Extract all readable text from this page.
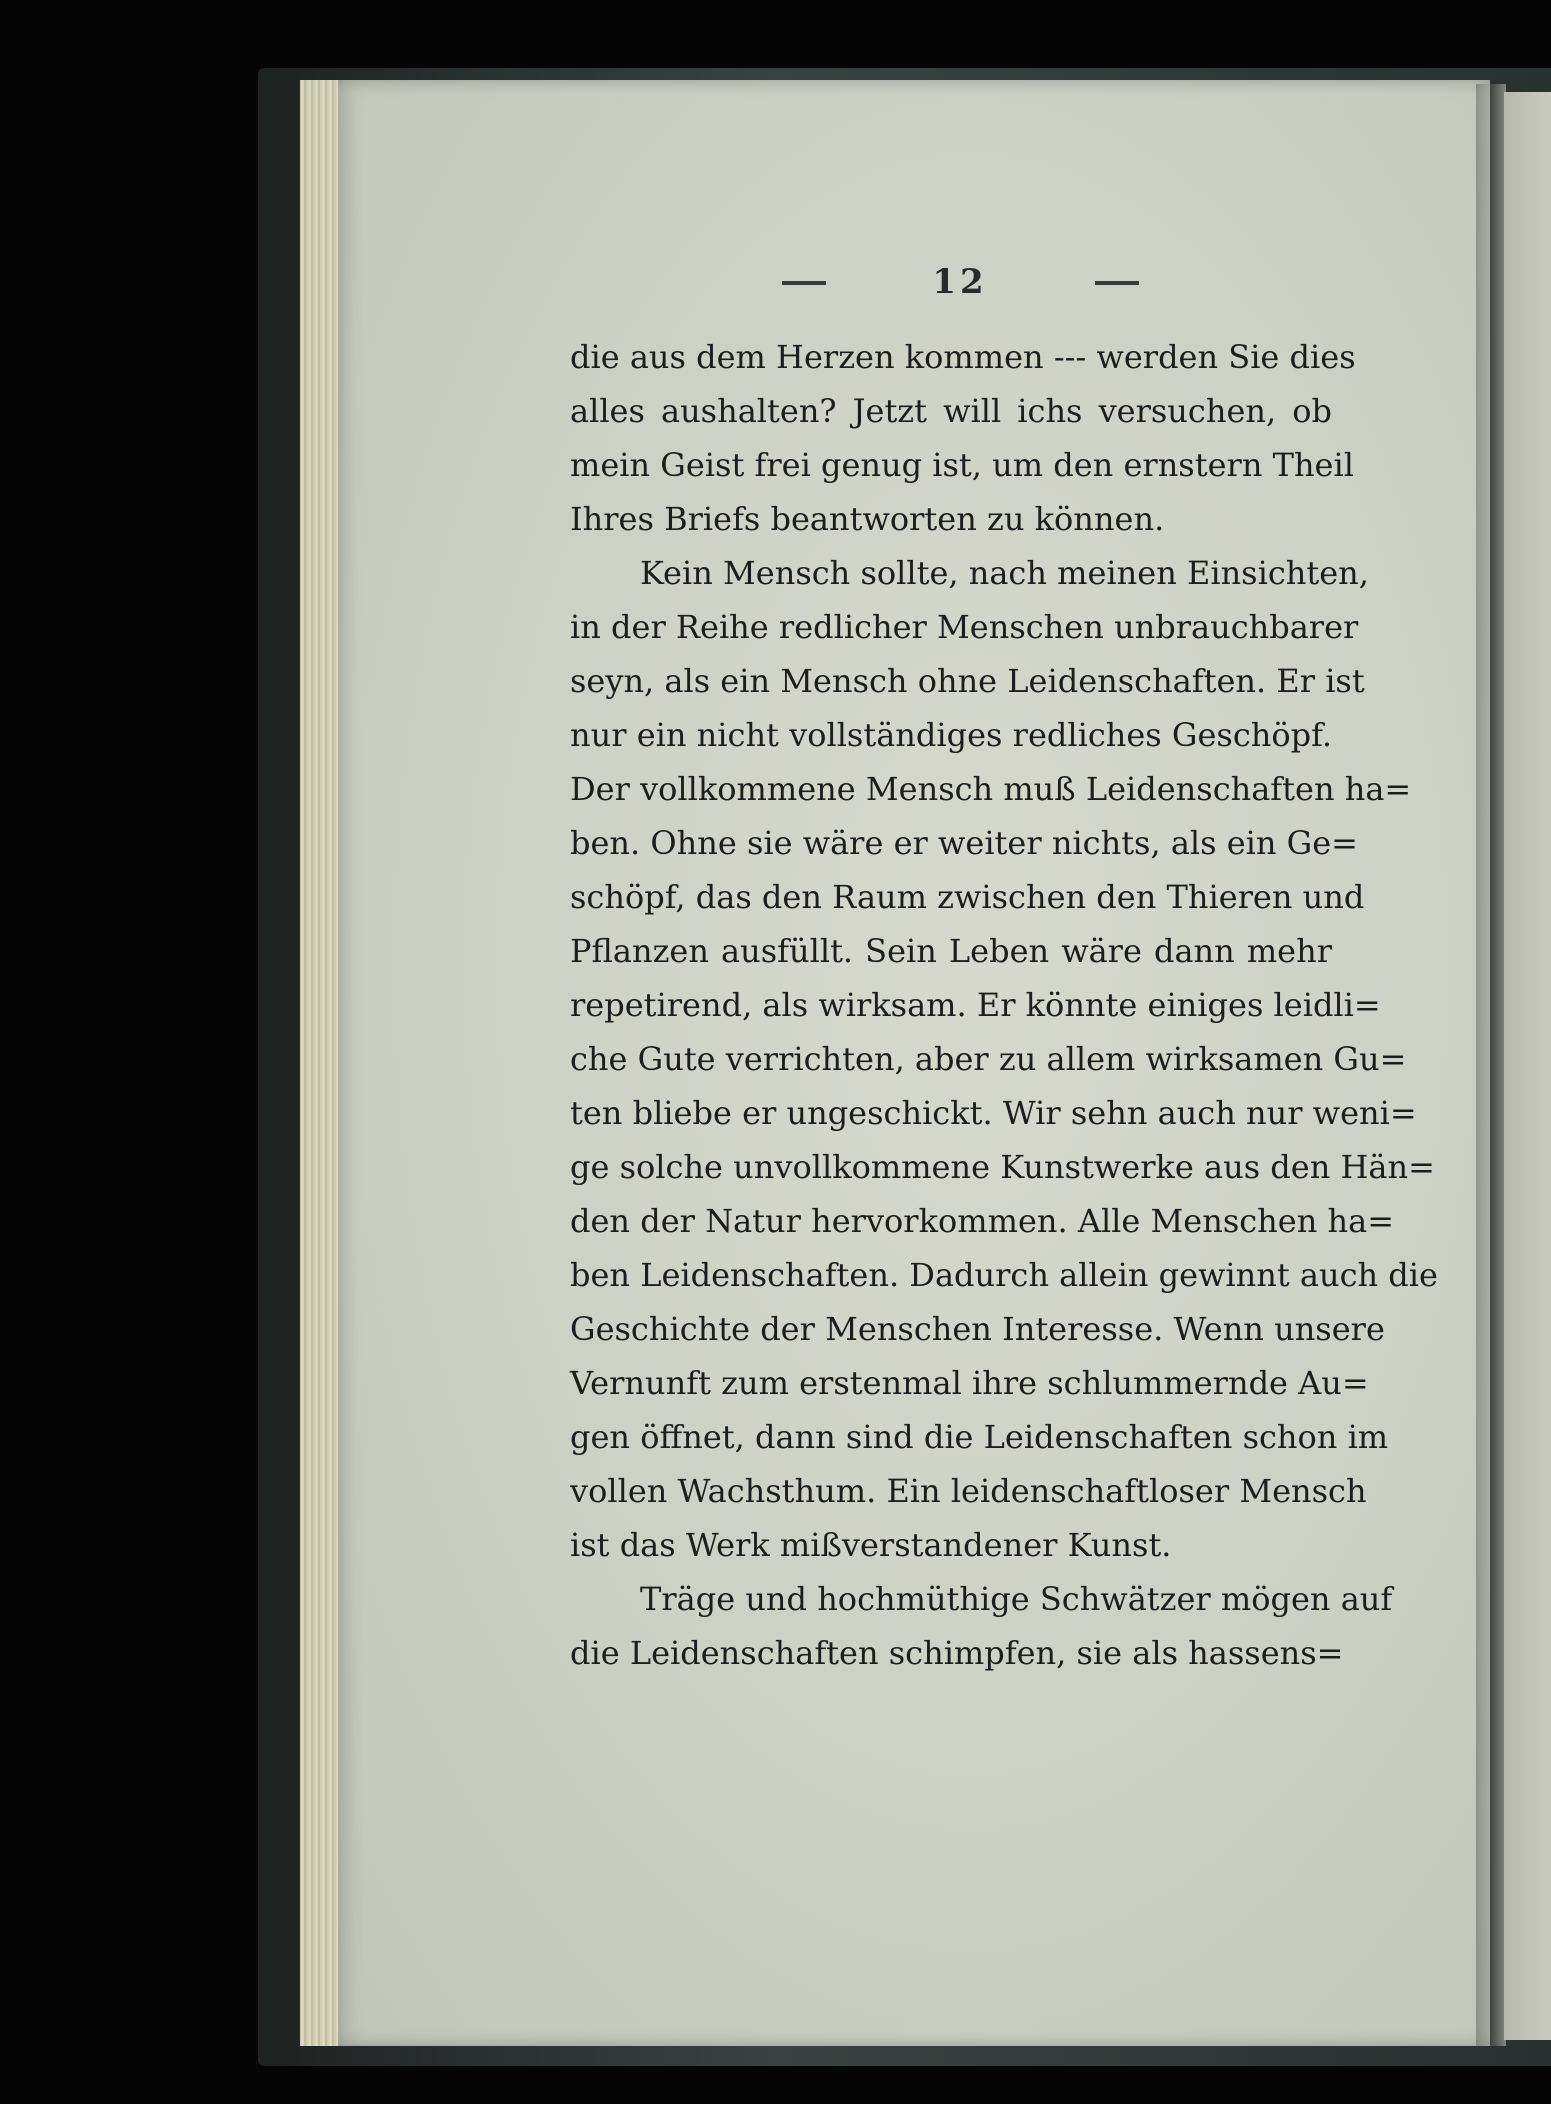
12
die aus dem Herzen kommen --- werden Sie dies
alles aushalten? Jetzt will ichs versuchen, ob
mein Geist frei genug ist, um den ernstern Theil
Ihres Briefs beantworten zu können.
Kein Mensch sollte, nach meinen Einsichten,
in der Reihe redlicher Menschen unbrauchbarer
seyn, als ein Mensch ohne Leidenschaften. Er ist
nur ein nicht vollständiges redliches Geschöpf.
Der vollkommene Mensch muß Leidenschaften ha=
ben. Ohne sie wäre er weiter nichts, als ein Ge=
schöpf, das den Raum zwischen den Thieren und
Pflanzen ausfüllt. Sein Leben wäre dann mehr
repetirend, als wirksam. Er könnte einiges leidli=
che Gute verrichten, aber zu allem wirksamen Gu=
ten bliebe er ungeschickt. Wir sehn auch nur weni=
ge solche unvollkommene Kunstwerke aus den Hän=
den der Natur hervorkommen. Alle Menschen ha=
ben Leidenschaften. Dadurch allein gewinnt auch die
Geschichte der Menschen Interesse. Wenn unsere
Vernunft zum erstenmal ihre schlummernde Au=
gen öffnet, dann sind die Leidenschaften schon im
vollen Wachsthum. Ein leidenschaftloser Mensch
ist das Werk mißverstandener Kunst.
Träge und hochmüthige Schwätzer mögen auf
die Leidenschaften schimpfen, sie als hassens=
